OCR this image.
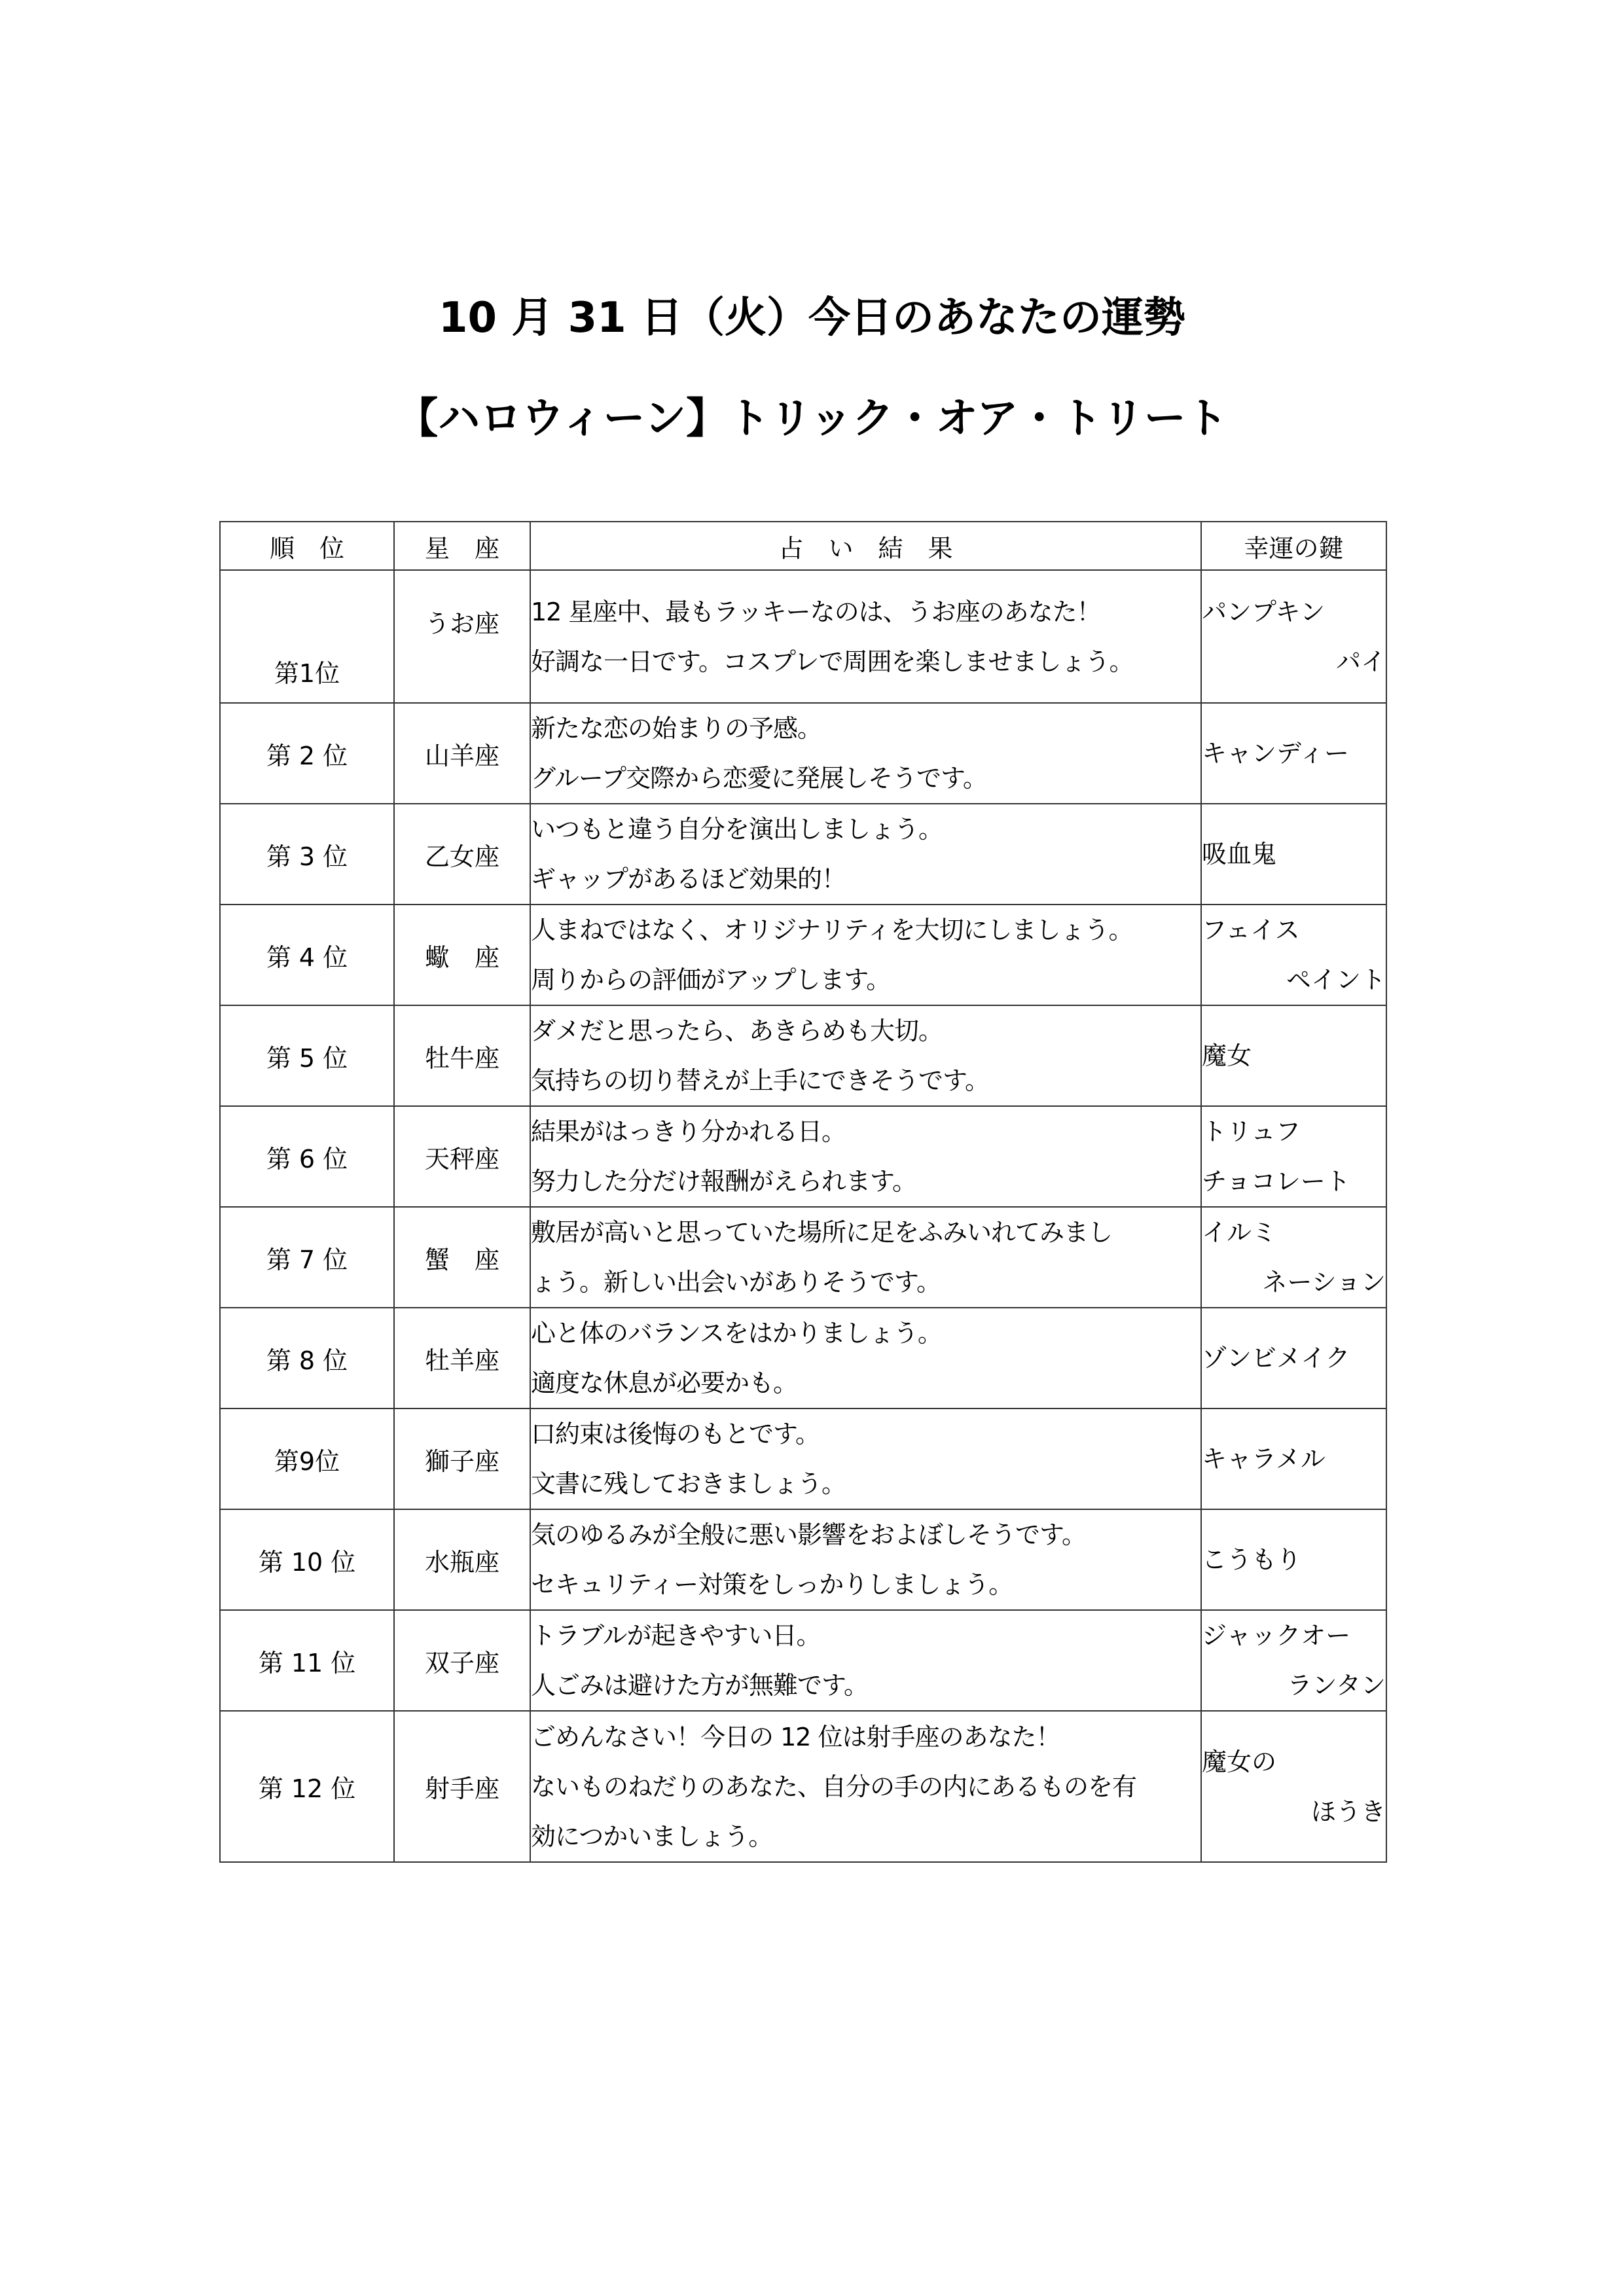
10 月 31 日（火）今日のあなたの運勢
【ハロウィーン】トリック・オア・トリート
順　位	星　座	占　い　結　果	幸運の鍵
第1位	うお座	12 星座中、最もラッキーなのは、うお座のあなた！
好調な一日です。コスプレで周囲を楽しませましょう。	パンプキン
パイ

第 2 位	山羊座	新たな恋の始まりの予感。
グループ交際から恋愛に発展しそうです。	キャンディー

第 3 位	乙女座	いつもと違う自分を演出しましょう。
ギャップがあるほど効果的！	吸血鬼

第 4 位	蠍　座	人まねではなく、オリジナリティを大切にしましょう。
周りからの評価がアップします。	フェイス
ペイント

第 5 位	牡牛座	ダメだと思ったら、あきらめも大切。
気持ちの切り替えが上手にできそうです。	魔女

第 6 位	天秤座	結果がはっきり分かれる日。
努力した分だけ報酬がえられます。	トリュフ
チョコレート

第 7 位	蟹　座	敷居が高いと思っていた場所に足をふみいれてみまし
ょう。新しい出会いがありそうです。	イルミ
ネーション

第 8 位	牡羊座	心と体のバランスをはかりましょう。
適度な休息が必要かも。	ゾンビメイク

第9位	獅子座	口約束は後悔のもとです。
文書に残しておきましょう。	キャラメル

第 10 位	水瓶座	気のゆるみが全般に悪い影響をおよぼしそうです。
セキュリティー対策をしっかりしましょう。	こうもり

第 11 位	双子座	トラブルが起きやすい日。
人ごみは避けた方が無難です。	ジャックオー
ランタン

第 12 位	射手座	ごめんなさい！今日の 12 位は射手座のあなた！
ないものねだりのあなた、自分の手の内にあるものを有
効につかいましょう。	魔女の
ほうき
